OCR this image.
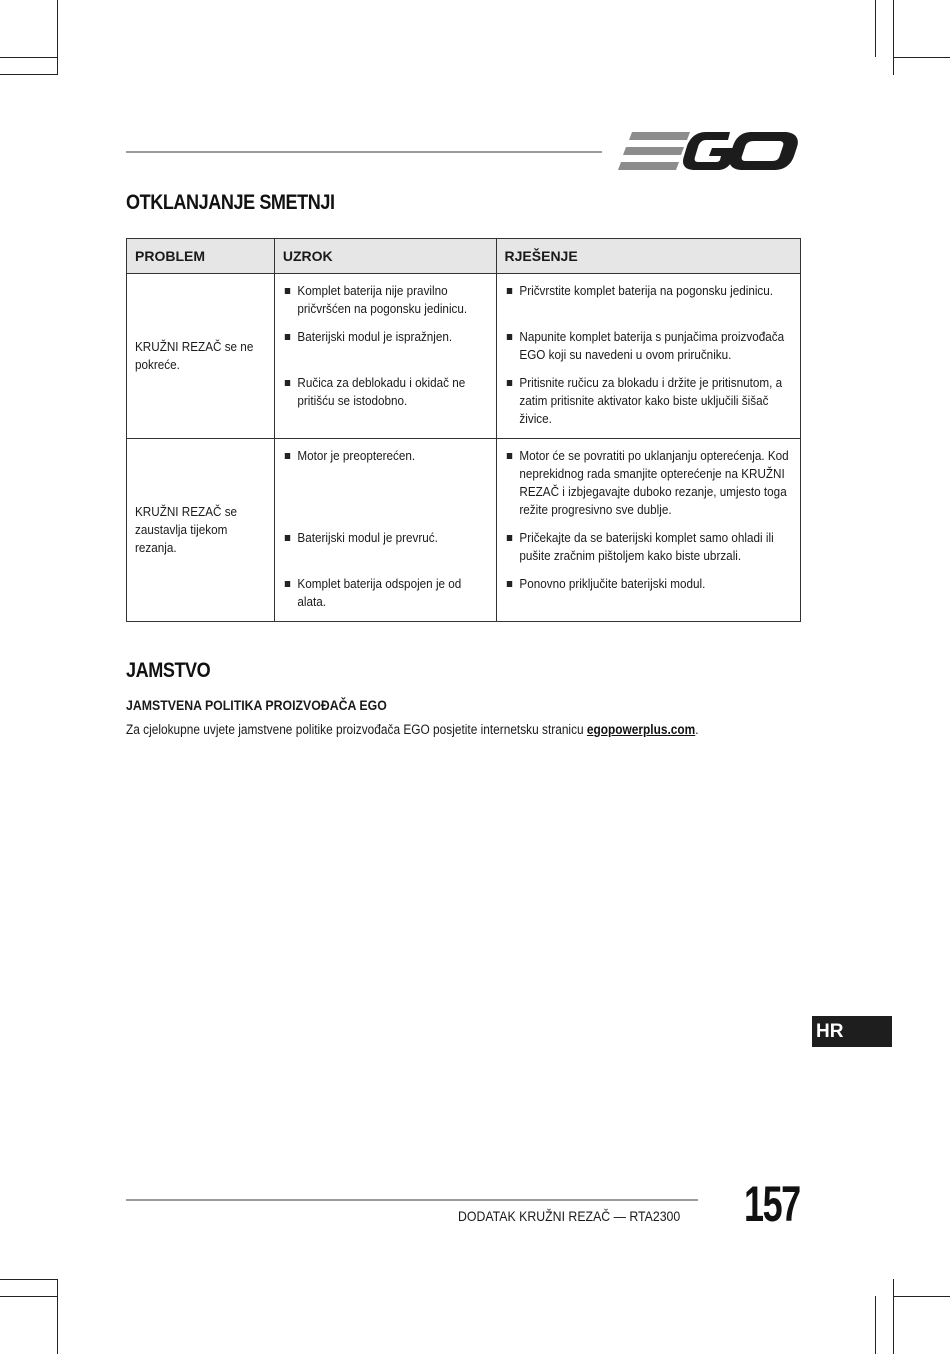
OTKLANJANJE SMETNJI
PROBLEM	UZROK	RJEŠENJE

KRUŽNI REZAČ se ne pokreće.	Komplet baterija nije pravilno pričvršćen na pogonsku jedinicu.	Pričvrstite komplet baterija na pogonsku jedinicu.

	Baterijski modul je ispražnjen.	Napunite komplet baterija s punjačima proizvođača EGO koji su navedeni u ovom priručniku.

	Ručica za deblokadu i okidač ne pritišću se istodobno.	Pritisnite ručicu za blokadu i držite je pritisnutom, a zatim pritisnite aktivator kako biste uključili šišač živice.

KRUŽNI REZAČ se zaustavlja tijekom rezanja.	Motor je preopterećen.	Motor će se povratiti po uklanjanju opterećenja. Kod neprekidnog rada smanjite opterećenje na KRUŽNI REZAČ i izbjegavajte duboko rezanje, umjesto toga režite progresivno sve dublje.

	Baterijski modul je prevruć.	Pričekajte da se baterijski komplet samo ohladi ili pušite zračnim pištoljem kako biste ubrzali.

	Komplet baterija odspojen je od alata.	Ponovno priključite baterijski modul.
JAMSTVO
JAMSTVENA POLITIKA PROIZVOĐAČA EGO

Za cjelokupne uvjete jamstvene politike proizvođača EGO posjetite internetsku stranicu egopowerplus.com.

HR
DODATAK KRUŽNI REZAČ — RTA2300 157
